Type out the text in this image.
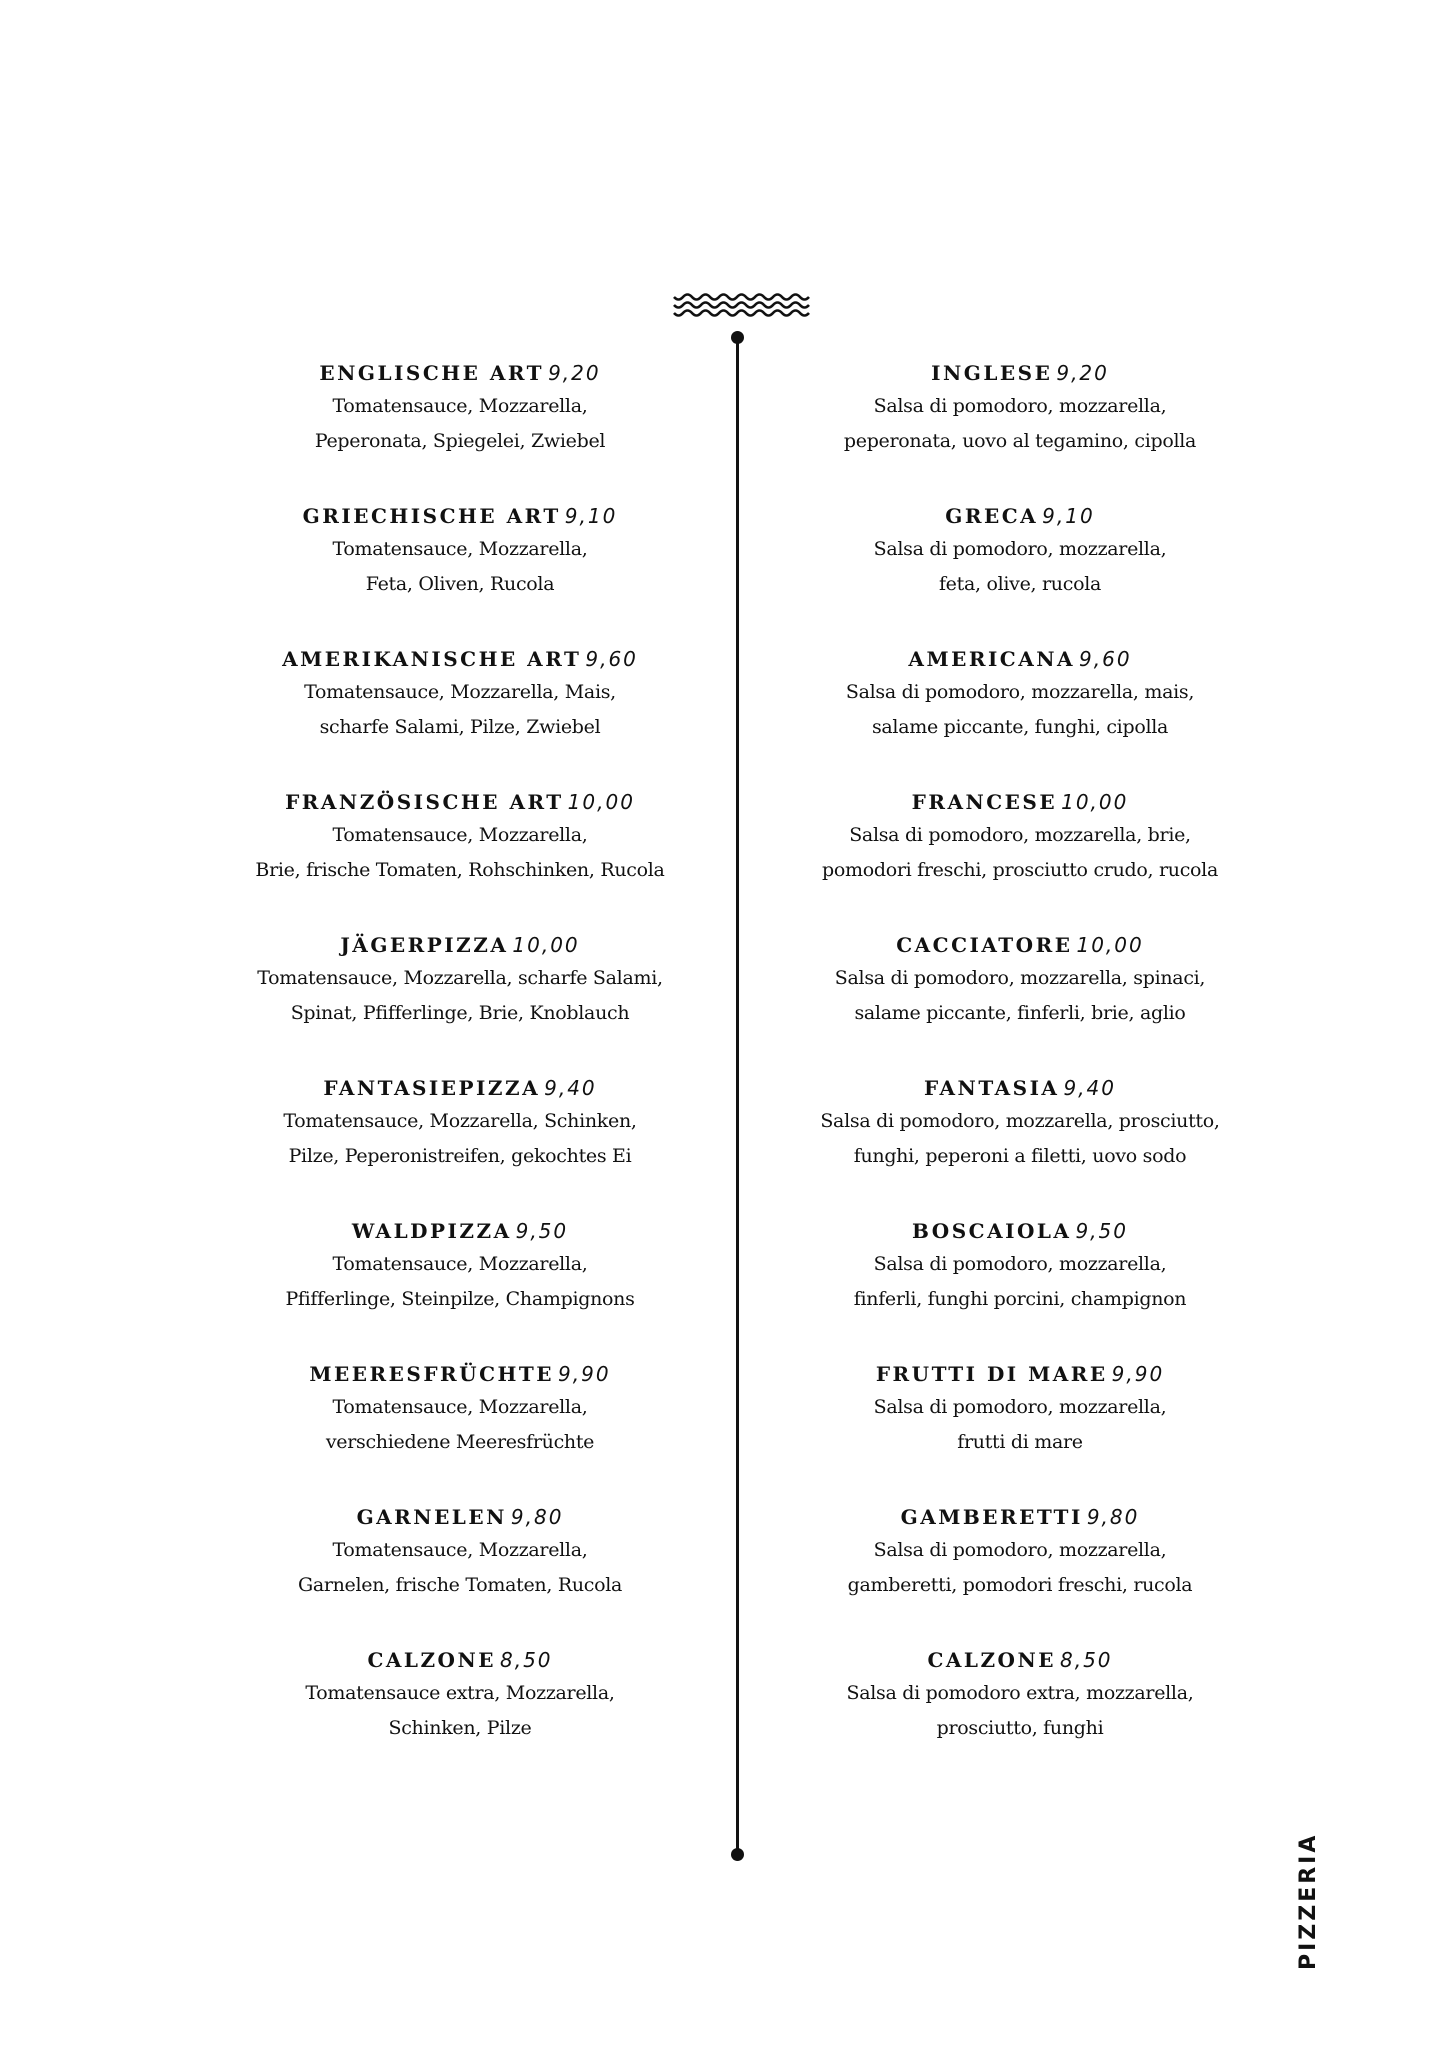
ENGLISCHE ART 9,20
Tomatensauce, Mozzarella,
Peperonata, Spiegelei, Zwiebel
GRIECHISCHE ART 9,10
Tomatensauce, Mozzarella,
Feta, Oliven, Rucola
AMERIKANISCHE ART 9,60
Tomatensauce, Mozzarella, Mais,
scharfe Salami, Pilze, Zwiebel
FRANZÖSISCHE ART 10,00
Tomatensauce, Mozzarella,
Brie, frische Tomaten, Rohschinken, Rucola
JÄGERPIZZA 10,00
Tomatensauce, Mozzarella, scharfe Salami,
Spinat, Pfifferlinge, Brie, Knoblauch
FANTASIEPIZZA 9,40
Tomatensauce, Mozzarella, Schinken,
Pilze, Peperonistreifen, gekochtes Ei
WALDPIZZA 9,50
Tomatensauce, Mozzarella,
Pfifferlinge, Steinpilze, Champignons
MEERESFRÜCHTE 9,90
Tomatensauce, Mozzarella,
verschiedene Meeresfrüchte
GARNELEN 9,80
Tomatensauce, Mozzarella,
Garnelen, frische Tomaten, Rucola
CALZONE 8,50
Tomatensauce extra, Mozzarella,
Schinken, Pilze
INGLESE 9,20
Salsa di pomodoro, mozzarella,
peperonata, uovo al tegamino, cipolla
GRECA 9,10
Salsa di pomodoro, mozzarella,
feta, olive, rucola
AMERICANA 9,60
Salsa di pomodoro, mozzarella, mais,
salame piccante, funghi, cipolla
FRANCESE 10,00
Salsa di pomodoro, mozzarella, brie,
pomodori freschi, prosciutto crudo, rucola
CACCIATORE 10,00
Salsa di pomodoro, mozzarella, spinaci,
salame piccante, finferli, brie, aglio
FANTASIA 9,40
Salsa di pomodoro, mozzarella, prosciutto,
funghi, peperoni a filetti, uovo sodo
BOSCAIOLA 9,50
Salsa di pomodoro, mozzarella,
finferli, funghi porcini, champignon
FRUTTI DI MARE 9,90
Salsa di pomodoro, mozzarella,
frutti di mare
GAMBERETTI 9,80
Salsa di pomodoro, mozzarella,
gamberetti, pomodori freschi, rucola
CALZONE 8,50
Salsa di pomodoro extra, mozzarella,
prosciutto, funghi
PIZZERIA
